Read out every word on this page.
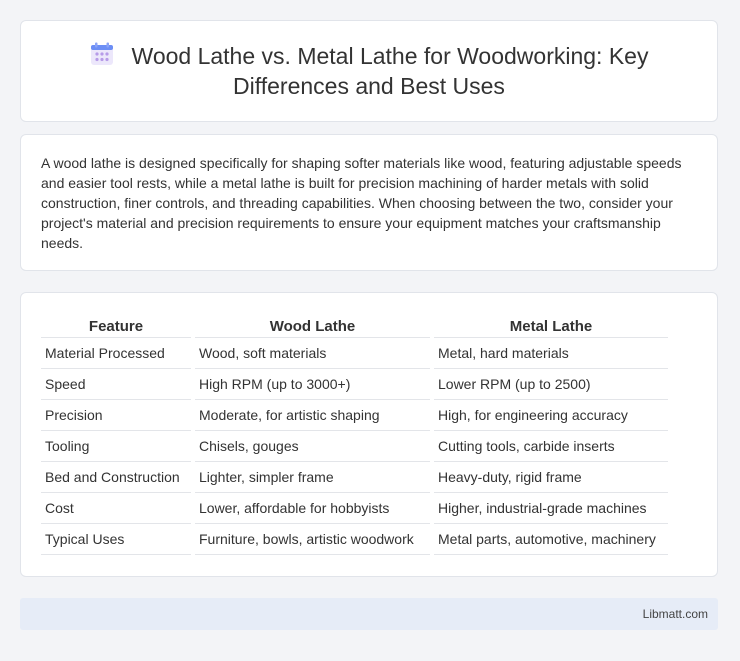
Wood Lathe vs. Metal Lathe for Woodworking: Key Differences and Best Uses
A wood lathe is designed specifically for shaping softer materials like wood, featuring adjustable speeds and easier tool rests, while a metal lathe is built for precision machining of harder metals with solid construction, finer controls, and threading capabilities. When choosing between the two, consider your project's material and precision requirements to ensure your equipment matches your craftsmanship needs.
Feature	Wood Lathe	Metal Lathe
Material Processed	Wood, soft materials	Metal, hard materials
Speed	High RPM (up to 3000+)	Lower RPM (up to 2500)
Precision	Moderate, for artistic shaping	High, for engineering accuracy
Tooling	Chisels, gouges	Cutting tools, carbide inserts
Bed and Construction	Lighter, simpler frame	Heavy-duty, rigid frame
Cost	Lower, affordable for hobbyists	Higher, industrial-grade machines
Typical Uses	Furniture, bowls, artistic woodwork	Metal parts, automotive, machinery
Libmatt.com
